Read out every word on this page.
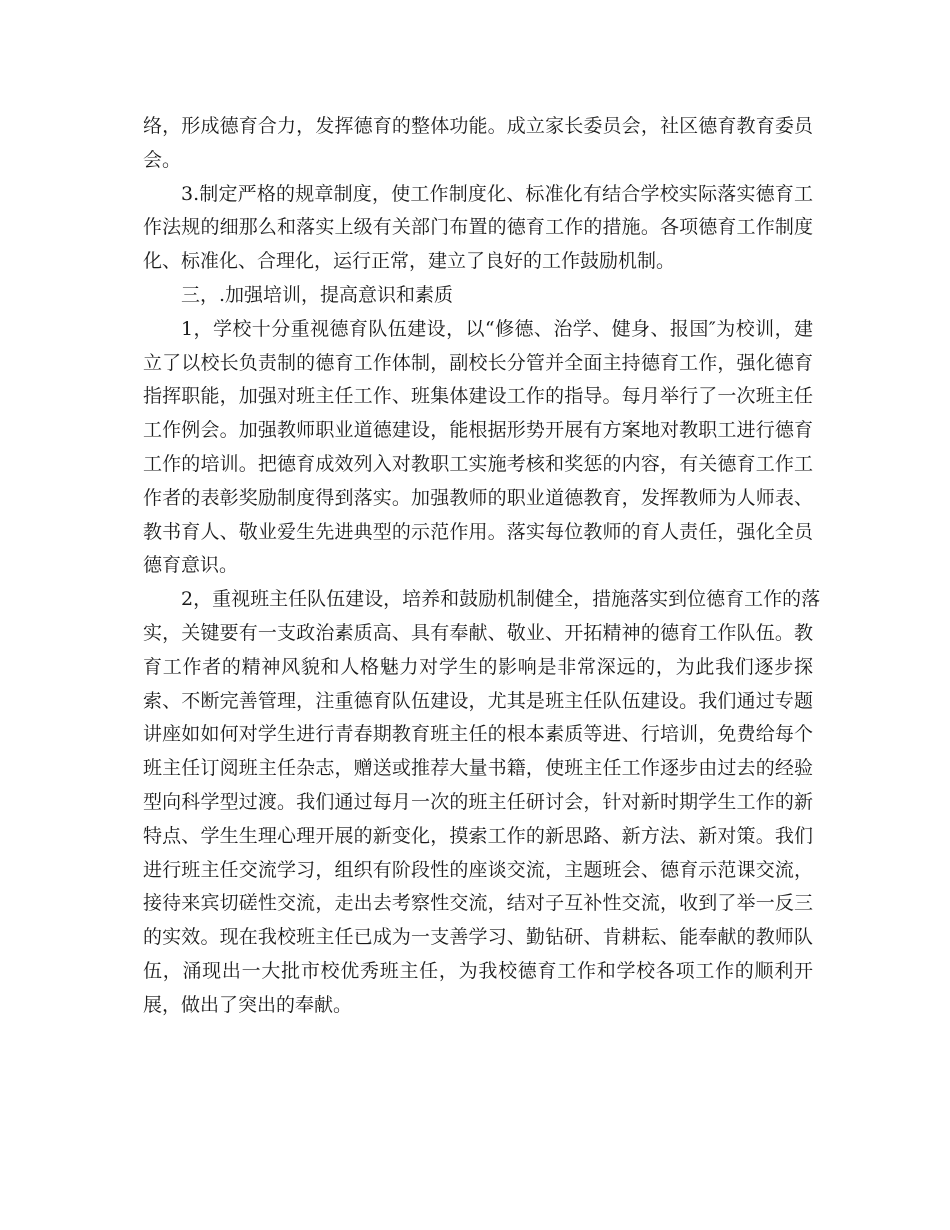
络，形成德育合力，发挥德育的整体功能。成立家长委员会，社区德育教育委员
会。
3.制定严格的规章制度，使工作制度化、标准化有结合学校实际落实德育工
作法规的细那么和落实上级有关部门布置的德育工作的措施。各项德育工作制度
化、标准化、合理化，运行正常，建立了良好的工作鼓励机制。
三，.加强培训，提高意识和素质
1，学校十分重视德育队伍建设，以“修德、治学、健身、报国″为校训，建
立了以校长负责制的德育工作体制，副校长分管并全面主持德育工作，强化德育
指挥职能，加强对班主任工作、班集体建设工作的指导。每月举行了一次班主任
工作例会。加强教师职业道德建设，能根据形势开展有方案地对教职工进行德育
工作的培训。把德育成效列入对教职工实施考核和奖惩的内容，有关德育工作工
作者的表彰奖励制度得到落实。加强教师的职业道德教育，发挥教师为人师表、
教书育人、敬业爱生先进典型的示范作用。落实每位教师的育人责任，强化全员
德育意识。
2，重视班主任队伍建设，培养和鼓励机制健全，措施落实到位德育工作的落
实，关键要有一支政治素质高、具有奉献、敬业、开拓精神的德育工作队伍。教
育工作者的精神风貌和人格魅力对学生的影响是非常深远的，为此我们逐步探
索、不断完善管理，注重德育队伍建设，尤其是班主任队伍建设。我们通过专题
讲座如如何对学生进行青春期教育班主任的根本素质等进、行培训，免费给每个
班主任订阅班主任杂志，赠送或推荐大量书籍，使班主任工作逐步由过去的经验
型向科学型过渡。我们通过每月一次的班主任研讨会，针对新时期学生工作的新
特点、学生生理心理开展的新变化，摸索工作的新思路、新方法、新对策。我们
进行班主任交流学习，组织有阶段性的座谈交流，主题班会、德育示范课交流，
接待来宾切磋性交流，走出去考察性交流，结对子互补性交流，收到了举一反三
的实效。现在我校班主任已成为一支善学习、勤钻研、肯耕耘、能奉献的教师队
伍，涌现出一大批市校优秀班主任，为我校德育工作和学校各项工作的顺利开
展，做出了突出的奉献。
